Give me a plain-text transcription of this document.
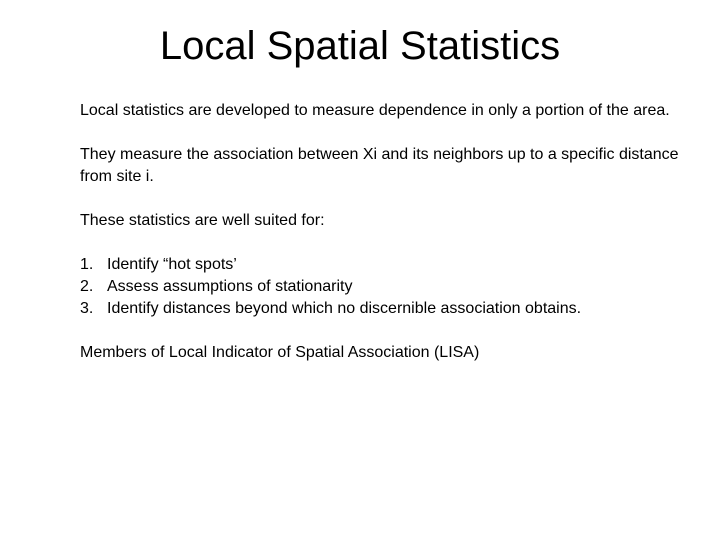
Local Spatial Statistics

Local statistics are developed to measure dependence in only a portion of the area.

They measure the association between Xi and its neighbors up to a specific distance from site i.

These statistics are well suited for:

1. Identify “hot spots’
2. Assess assumptions of stationarity
3. Identify distances beyond which no discernible association obtains.

Members of Local Indicator of Spatial Association (LISA)
